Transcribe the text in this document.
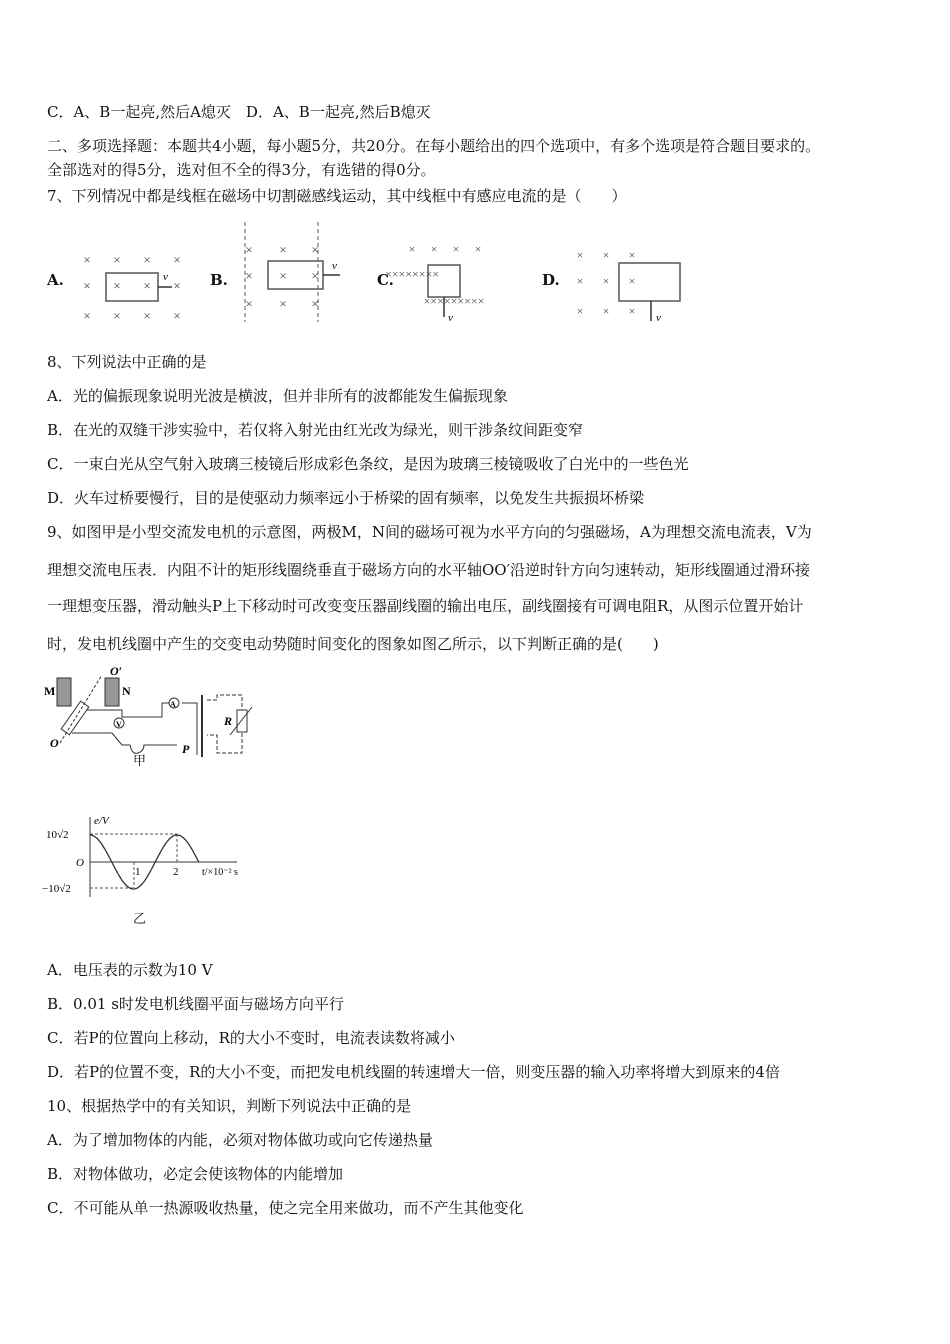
C．A、B一起亮,然后A熄灭　D．A、B一起亮,然后B熄灭
二、多项选择题：本题共4小题，每小题5分，共20分。在每小题给出的四个选项中，有多个选项是符合题目要求的。
全部选对的得5分，选对但不全的得3分，有选错的得0分。
7、下列情况中都是线框在磁场中切割磁感线运动，其中线框中有感应电流的是（　　）
A.
× × × ×
× × × ×
× × × ×
v	B.
× × ×
× × ×
× × ×
v
C.
× × × ×
××××××××
×××××××××
v
D.
× × ×
× × ×
× × × v
8、下列说法中正确的是
A．光的偏振现象说明光波是横波，但并非所有的波都能发生偏振现象
B．在光的双缝干涉实验中，若仅将入射光由红光改为绿光，则干涉条纹间距变窄
C．一束白光从空气射入玻璃三棱镜后形成彩色条纹，是因为玻璃三棱镜吸收了白光中的一些色光
D．火车过桥要慢行，目的是使驱动力频率远小于桥梁的固有频率，以免发生共振损坏桥梁
9、如图甲是小型交流发电机的示意图，两极M，N间的磁场可视为水平方向的匀强磁场，A为理想交流电流表，V为
理想交流电压表．内阻不计的矩形线圈绕垂直于磁场方向的水平轴OO′沿逆时针方向匀速转动，矩形线圈通过滑环接
一理想变压器，滑动触头P上下移动时可改变变压器副线圈的输出电压，副线圈接有可调电阻R，从图示位置开始计
时，发电机线圈中产生的交变电动势随时间变化的图象如图乙所示，以下判断正确的是(　　)
M	N
O
O′
A
V
P
R
甲
e/V
10√2
O
−10√2
1	2 t/×10⁻² s
乙
A．电压表的示数为10 V
B．0.01 s时发电机线圈平面与磁场方向平行
C．若P的位置向上移动，R的大小不变时，电流表读数将减小
D．若P的位置不变，R的大小不变，而把发电机线圈的转速增大一倍，则变压器的输入功率将增大到原来的4倍
10、根据热学中的有关知识，判断下列说法中正确的是
A．为了增加物体的内能，必须对物体做功或向它传递热量
B．对物体做功，必定会使该物体的内能增加
C．不可能从单一热源吸收热量，使之完全用来做功，而不产生其他变化
